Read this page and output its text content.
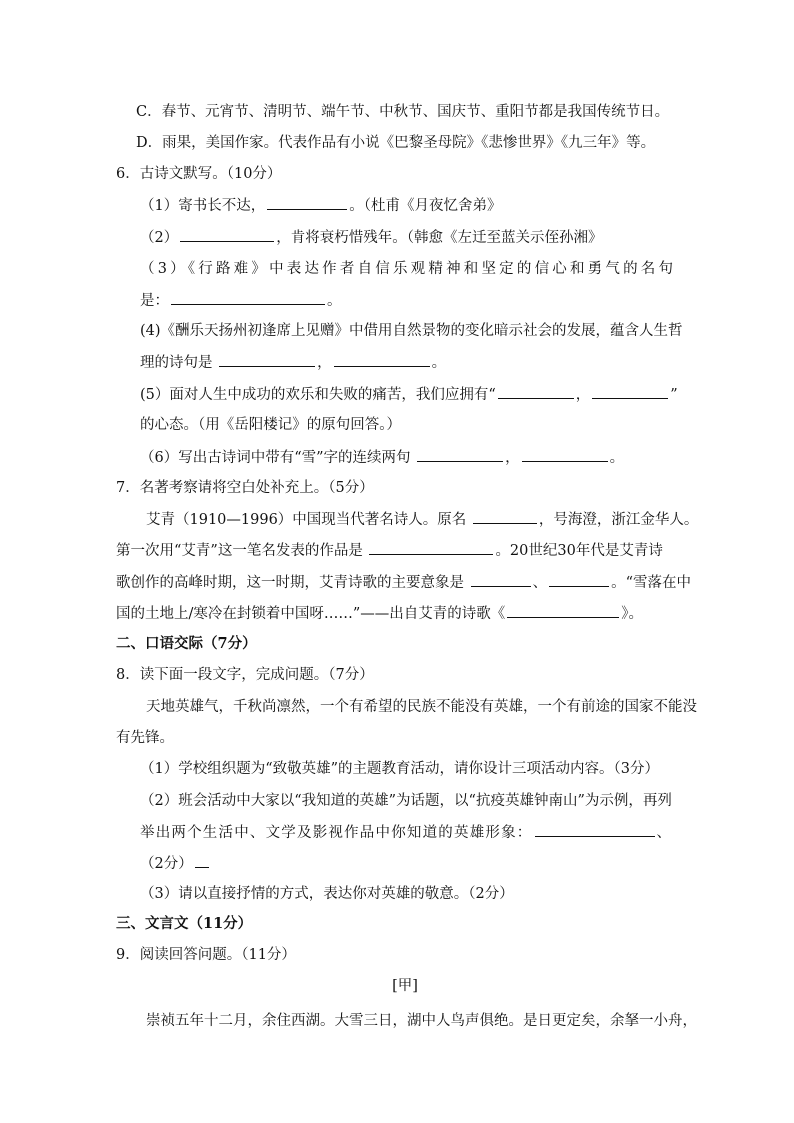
C．春节、元宵节、清明节、端午节、中秋节、国庆节、重阳节都是我国传统节日。
D．雨果，美国作家。代表作品有小说《巴黎圣母院》《悲惨世界》《九三年》等。
6．古诗文默写。（10分）
（1）寄书长不达，	。（杜甫《月夜忆舍弟》
（2）	，肯将衰朽惜残年。（韩愈《左迁至蓝关示侄孙湘》
（3）《行路难》中表达作者自信乐观精神和坚定的信心和勇气的名句
是：	。
(4)《酬乐天扬州初逢席上见赠》中借用自然景物的变化暗示社会的发展，蕴含人生哲
理的诗句是	，	。
(5）面对人生中成功的欢乐和失败的痛苦，我们应拥有“	，	”
的心态。（用《岳阳楼记》的原句回答。）
（6）写出古诗词中带有“雪”字的连续两句	，	。
7．名著考察请将空白处补充上。（5分）
艾青（1910—1996）中国现当代著名诗人。原名	，号海澄，浙江金华人。
第一次用“艾青”这一笔名发表的作品是	。20世纪30年代是艾青诗
歌创作的高峰时期，这一时期，艾青诗歌的主要意象是	、	。“雪落在中
国的土地上/寒冷在封锁着中国呀……”——出自艾青的诗歌《	》。
二、口语交际（7分）
8．读下面一段文字，完成问题。（7分）
天地英雄气，千秋尚凛然，一个有希望的民族不能没有英雄，一个有前途的国家不能没
有先锋。
（1）学校组织题为“致敬英雄”的主题教育活动，请你设计三项活动内容。（3分）
（2）班会活动中大家以“我知道的英雄”为话题，以“抗疫英雄钟南山”为示例，再列
举出两个生活中、文学及影视作品中你知道的英雄形象：	、
（2分）
（3）请以直接抒情的方式，表达你对英雄的敬意。（2分）
三、文言文（11分）
9．阅读回答问题。（11分）
[甲]
崇祯五年十二月，余住西湖。大雪三日，湖中人鸟声俱绝。是日更定矣，余拏一小舟，
